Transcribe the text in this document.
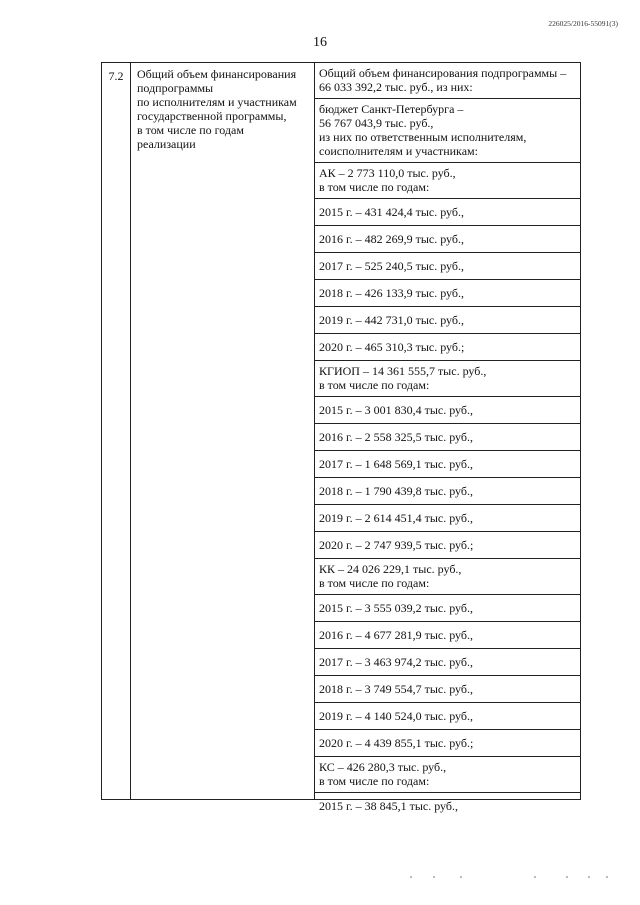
226025/2016-55091(3)
16
7.2	Общий объем финансирования
подпрограммы
по исполнителям и участникам
государственной программы,
в том числе по годам
реализации
Общий объем финансирования подпрограммы –
66 033 392,2 тыс. руб., из них:
бюджет Санкт-Петербурга –
56 767 043,9 тыс. руб.,
из них по ответственным исполнителям,
соисполнителям и участникам:
АК – 2 773 110,0 тыс. руб.,
в том числе по годам:
2015 г. – 431 424,4 тыс. руб.,
2016 г. – 482 269,9 тыс. руб.,
2017 г. – 525 240,5 тыс. руб.,
2018 г. – 426 133,9 тыс. руб.,
2019 г. – 442 731,0 тыс. руб.,
2020 г. – 465 310,3 тыс. руб.;
КГИОП – 14 361 555,7 тыс. руб.,
в том числе по годам:
2015 г. – 3 001 830,4 тыс. руб.,
2016 г. – 2 558 325,5 тыс. руб.,
2017 г. – 1 648 569,1 тыс. руб.,
2018 г. – 1 790 439,8 тыс. руб.,
2019 г. – 2 614 451,4 тыс. руб.,
2020 г. – 2 747 939,5 тыс. руб.;
КК – 24 026 229,1 тыс. руб.,
в том числе по годам:
2015 г. – 3 555 039,2 тыс. руб.,
2016 г. – 4 677 281,9 тыс. руб.,
2017 г. – 3 463 974,2 тыс. руб.,
2018 г. – 3 749 554,7 тыс. руб.,
2019 г. – 4 140 524,0 тыс. руб.,
2020 г. – 4 439 855,1 тыс. руб.;
КС – 426 280,3 тыс. руб.,
в том числе по годам:
2015 г. – 38 845,1 тыс. руб.,
